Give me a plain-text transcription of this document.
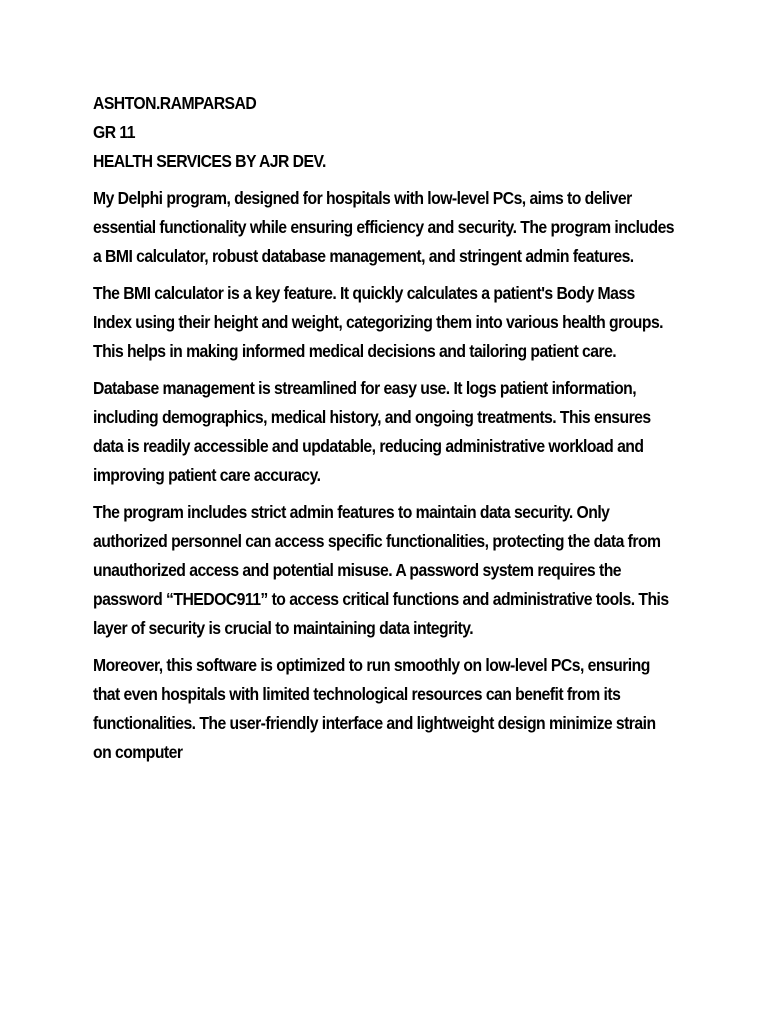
ASHTON.RAMPARSAD

GR 11

HEALTH SERVICES BY AJR DEV.

My Delphi program, designed for hospitals with low-level PCs, aims to deliver essential functionality while ensuring efficiency and security. The program includes a BMI calculator, robust database management, and stringent admin features.

The BMI calculator is a key feature. It quickly calculates a patient's Body Mass Index using their height and weight, categorizing them into various health groups. This helps in making informed medical decisions and tailoring patient care.

Database management is streamlined for easy use. It logs patient information, including demographics, medical history, and ongoing treatments. This ensures data is readily accessible and updatable, reducing administrative workload and improving patient care accuracy.

The program includes strict admin features to maintain data security. Only authorized personnel can access specific functionalities, protecting the data from unauthorized access and potential misuse. A password system requires the password “THEDOC911” to access critical functions and administrative tools. This layer of security is crucial to maintaining data integrity.

Moreover, this software is optimized to run smoothly on low-level PCs, ensuring that even hospitals with limited technological resources can benefit from its functionalities. The user-friendly interface and lightweight design minimize strain on computer
